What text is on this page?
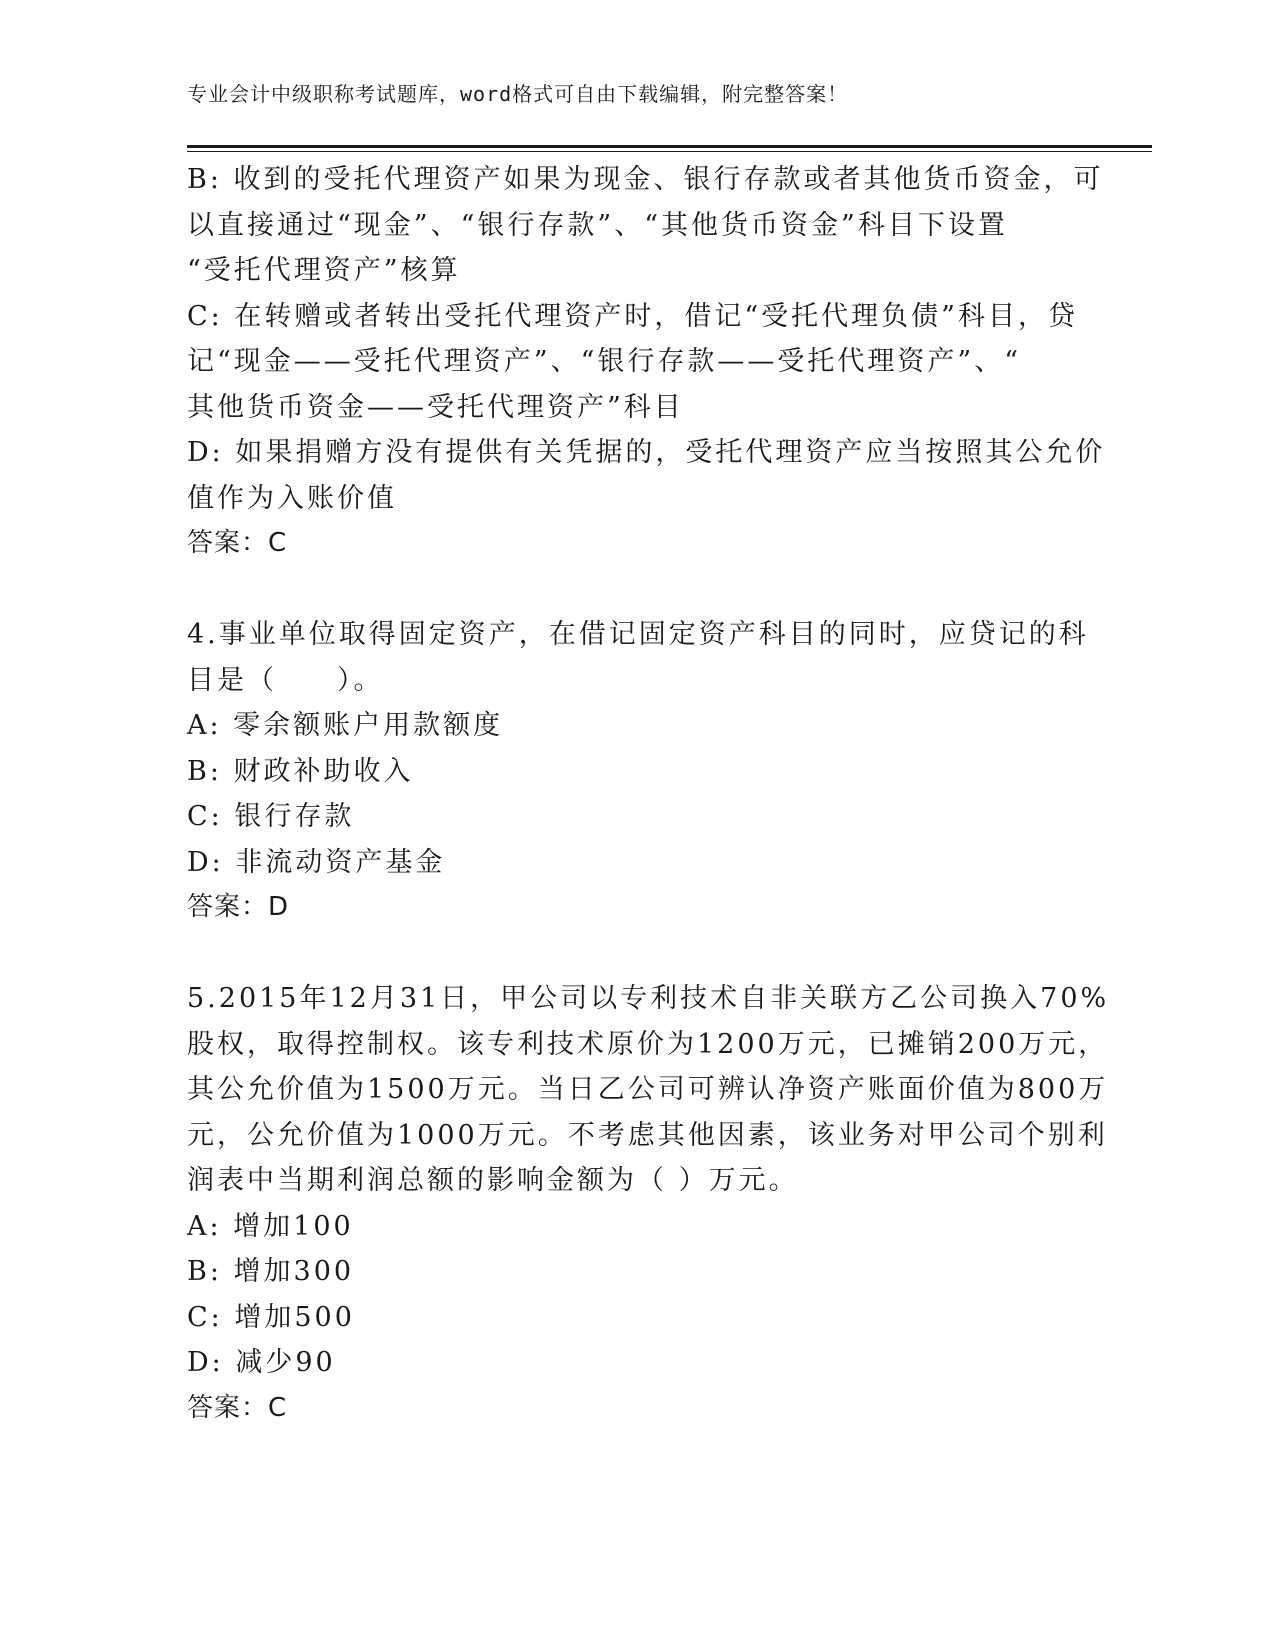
专业会计中级职称考试题库，word格式可自由下载编辑，附完整答案！
B: 收到的受托代理资产如果为现金、银行存款或者其他货币资金，可
以直接通过“现金”、“银行存款”、“其他货币资金”科目下设置
“受托代理资产”核算
C: 在转赠或者转出受托代理资产时，借记“受托代理负债”科目，贷
记“现金——受托代理资产”、“银行存款——受托代理资产”、“
其他货币资金——受托代理资产”科目
D: 如果捐赠方没有提供有关凭据的，受托代理资产应当按照其公允价
值作为入账价值
答案：C
4.事业单位取得固定资产，在借记固定资产科目的同时，应贷记的科
目是（　　）。
A: 零余额账户用款额度
B: 财政补助收入
C: 银行存款
D: 非流动资产基金
答案：D
5.2015年12月31日，甲公司以专利技术自非关联方乙公司换入70%
股权，取得控制权。该专利技术原价为1200万元，已摊销200万元，
其公允价值为1500万元。当日乙公司可辨认净资产账面价值为800万
元，公允价值为1000万元。不考虑其他因素，该业务对甲公司个别利
润表中当期利润总额的影响金额为（ ）万元。
A: 增加100
B: 增加300
C: 增加500
D: 减少90
答案：C
